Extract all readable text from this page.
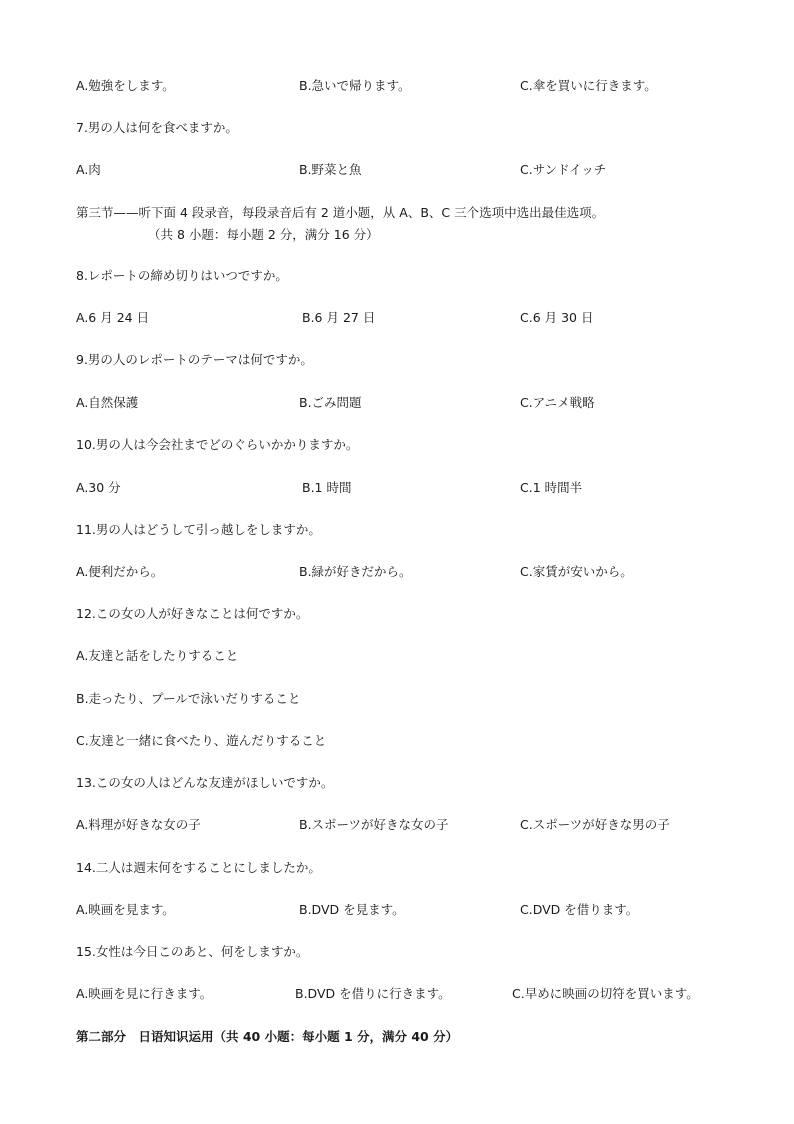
A.勉強をします。	B.急いで帰ります。	C.傘を買いに行きます。
7.男の人は何を食べますか。
A.肉	B.野菜と魚	C.サンドイッチ
第三节——听下面 4 段录音，每段录音后有 2 道小题，从 A、B、C 三个选项中选出最佳选项。
（共 8 小题：每小题 2 分，满分 16 分）
8.レポートの締め切りはいつですか。
A.6 月 24 日	B.6 月 27 日	C.6 月 30 日
9.男の人のレポートのテーマは何ですか。
A.自然保護	B.ごみ問題	C.アニメ戦略
10.男の人は今会社までどのぐらいかかりますか。
A.30 分	B.1 時間	C.1 時間半
11.男の人はどうして引っ越しをしますか。
A.便利だから。	B.緑が好きだから。	C.家賃が安いから。
12.この女の人が好きなことは何ですか。
A.友達と話をしたりすること
B.走ったり、プールで泳いだりすること
C.友達と一緒に食べたり、遊んだりすること
13.この女の人はどんな友達がほしいですか。
A.料理が好きな女の子	B.スポーツが好きな女の子	C.スポーツが好きな男の子
14.二人は週末何をすることにしましたか。
A.映画を見ます。	B.DVD を見ます。	C.DVD を借ります。
15.女性は今日このあと、何をしますか。
A.映画を見に行きます。	B.DVD を借りに行きます。	C.早めに映画の切符を買います。
第二部分　日语知识运用（共 40 小题：每小题 1 分，满分 40 分）
